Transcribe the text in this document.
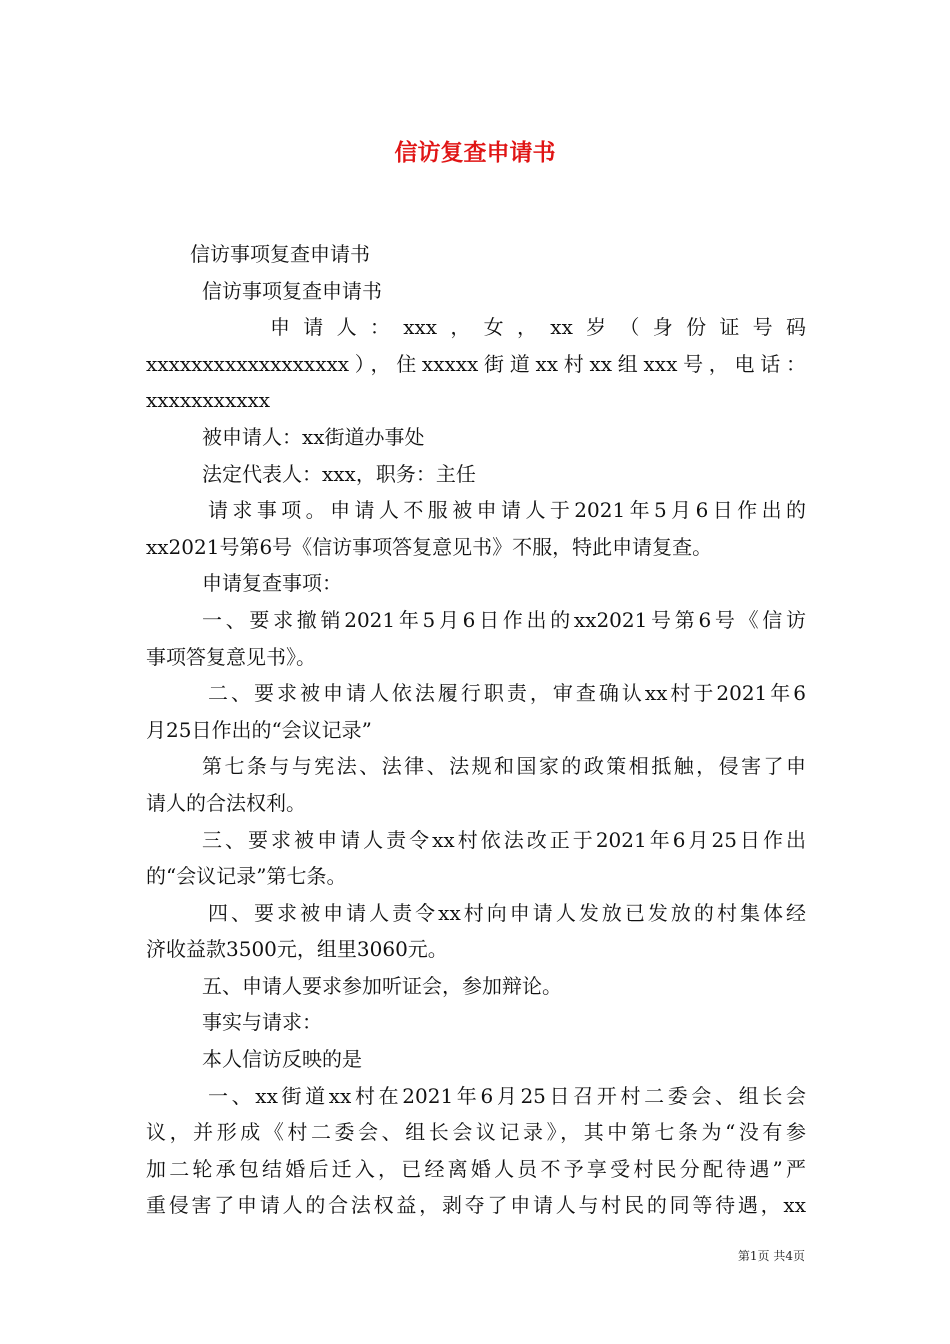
信访复查申请书
信访事项复查申请书
信访事项复查申请书
申请人：xxx，女，xx岁（身份证号码
xxxxxxxxxxxxxxxxxx），住xxxxx街道xx村xx组xxx号，电话：
xxxxxxxxxxx
被申请人：xx街道办事处
法定代表人：xxx，职务：主任
请求事项。申请人不服被申请人于2021年5月6日作出的
xx2021号第6号《信访事项答复意见书》不服，特此申请复查。
申请复查事项：
一、要求撤销2021年5月6日作出的xx2021号第6号《信访
事项答复意见书》。
二、要求被申请人依法履行职责，审查确认xx村于2021年6
月25日作出的“会议记录”
第七条与与宪法、法律、法规和国家的政策相抵触，侵害了申
请人的合法权利。
三、要求被申请人责令xx村依法改正于2021年6月25日作出
的“会议记录”第七条。
四、要求被申请人责令xx村向申请人发放已发放的村集体经
济收益款3500元，组里3060元。
五、申请人要求参加听证会，参加辩论。
事实与请求：
本人信访反映的是
一、xx街道xx村在2021年6月25日召开村二委会、组长会
议，并形成《村二委会、组长会议记录》，其中第七条为“没有参
加二轮承包结婚后迁入，已经离婚人员不予享受村民分配待遇”严
重侵害了申请人的合法权益，剥夺了申请人与村民的同等待遇，xx
第1页 共4页
